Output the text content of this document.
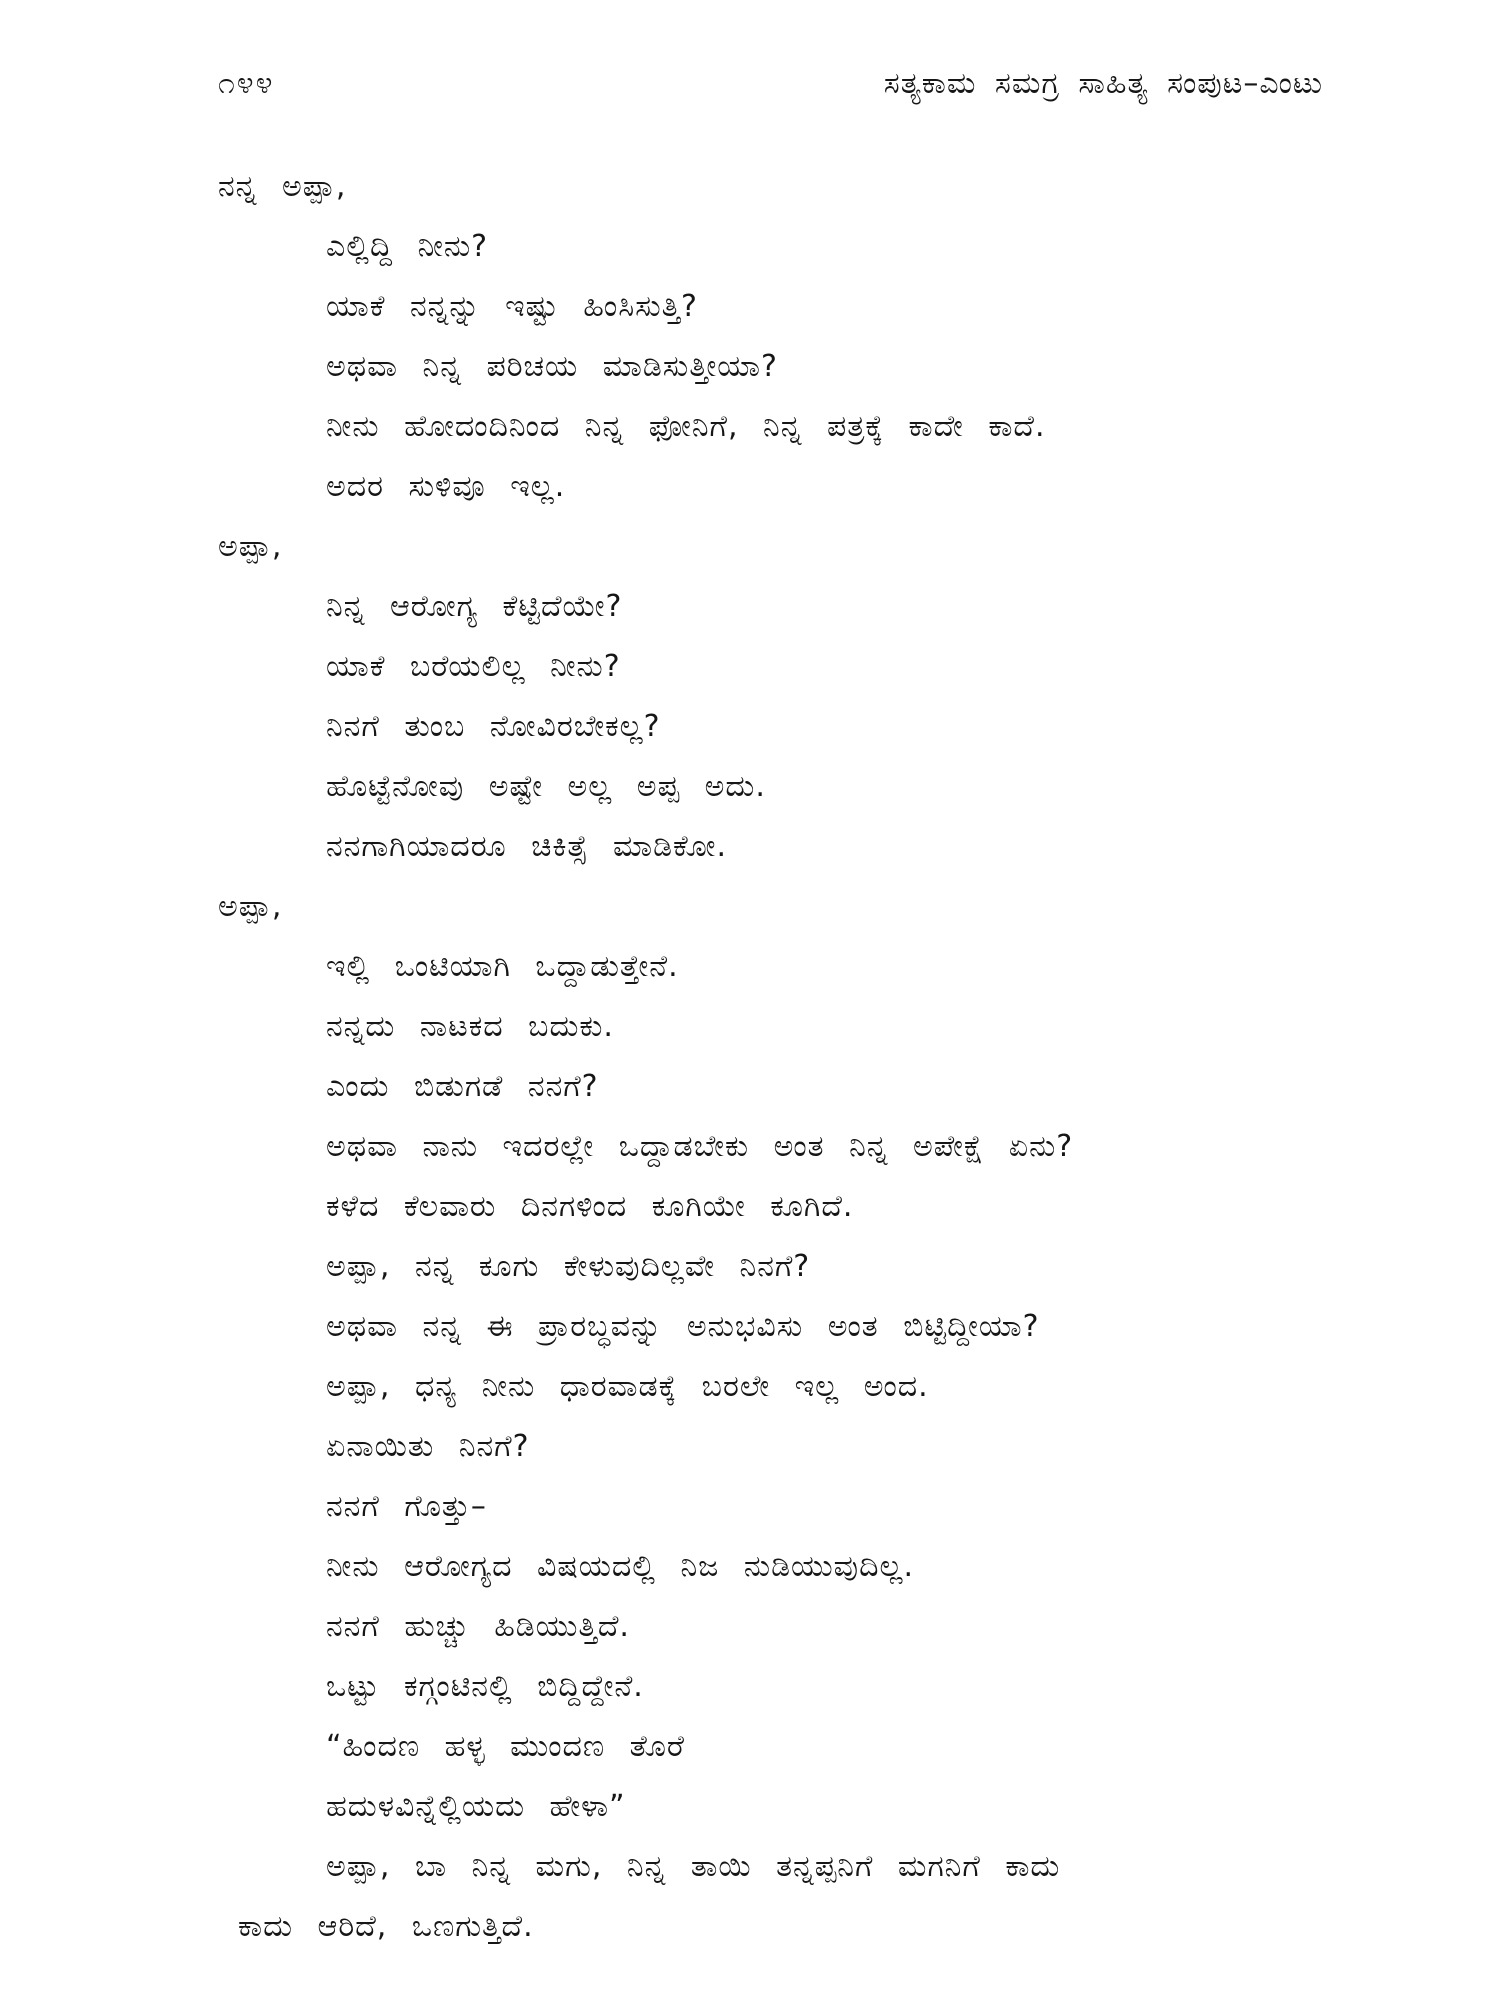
೧೪೪	ಸತ್ಯಕಾಮ ಸಮಗ್ರ ಸಾಹಿತ್ಯ ಸಂಪುಟ–ಎಂಟು
ನನ್ನ ಅಪ್ಪಾ,
ಎಲ್ಲಿದ್ದಿ ನೀನು?
ಯಾಕೆ ನನ್ನನ್ನು ಇಷ್ಟು ಹಿಂಸಿಸುತ್ತಿ?
ಅಥವಾ ನಿನ್ನ ಪರಿಚಯ ಮಾಡಿಸುತ್ತೀಯಾ?
ನೀನು ಹೋದಂದಿನಿಂದ ನಿನ್ನ ಫೋನಿಗೆ, ನಿನ್ನ ಪತ್ರಕ್ಕೆ ಕಾದೇ ಕಾದೆ.
ಅದರ ಸುಳಿವೂ ಇಲ್ಲ.
ಅಪ್ಪಾ,
ನಿನ್ನ ಆರೋಗ್ಯ ಕೆಟ್ಟಿದೆಯೇ?
ಯಾಕೆ ಬರೆಯಲಿಲ್ಲ ನೀನು?
ನಿನಗೆ ತುಂಬ ನೋವಿರಬೇಕಲ್ಲ?
ಹೊಟ್ಟೆನೋವು ಅಷ್ಟೇ ಅಲ್ಲ ಅಪ್ಪ ಅದು.
ನನಗಾಗಿಯಾದರೂ ಚಿಕಿತ್ಸೆ ಮಾಡಿಕೋ.
ಅಪ್ಪಾ,
ಇಲ್ಲಿ ಒಂಟಿಯಾಗಿ ಒದ್ದಾಡುತ್ತೇನೆ.
ನನ್ನದು ನಾಟಕದ ಬದುಕು.
ಎಂದು ಬಿಡುಗಡೆ ನನಗೆ?
ಅಥವಾ ನಾನು ಇದರಲ್ಲೇ ಒದ್ದಾಡಬೇಕು ಅಂತ ನಿನ್ನ ಅಪೇಕ್ಷೆ ಏನು?
ಕಳೆದ ಕೆಲವಾರು ದಿನಗಳಿಂದ ಕೂಗಿಯೇ ಕೂಗಿದೆ.
ಅಪ್ಪಾ, ನನ್ನ ಕೂಗು ಕೇಳುವುದಿಲ್ಲವೇ ನಿನಗೆ?
ಅಥವಾ ನನ್ನ ಈ ಪ್ರಾರಬ್ಧವನ್ನು ಅನುಭವಿಸು ಅಂತ ಬಿಟ್ಟಿದ್ದೀಯಾ?
ಅಪ್ಪಾ, ಧನ್ಯ ನೀನು ಧಾರವಾಡಕ್ಕೆ ಬರಲೇ ಇಲ್ಲ ಅಂದ.
ಏನಾಯಿತು ನಿನಗೆ?
ನನಗೆ ಗೊತ್ತು–
ನೀನು ಆರೋಗ್ಯದ ವಿಷಯದಲ್ಲಿ ನಿಜ ನುಡಿಯುವುದಿಲ್ಲ.
ನನಗೆ ಹುಚ್ಚು ಹಿಡಿಯುತ್ತಿದೆ.
ಒಟ್ಟು ಕಗ್ಗಂಟಿನಲ್ಲಿ ಬಿದ್ದಿದ್ದೇನೆ.
“ಹಿಂದಣ ಹಳ್ಳ ಮುಂದಣ ತೊರೆ
ಹದುಳವಿನ್ನೆಲ್ಲಿಯದು ಹೇಳಾ”
ಅಪ್ಪಾ, ಬಾ ನಿನ್ನ ಮಗು, ನಿನ್ನ ತಾಯಿ ತನ್ನಪ್ಪನಿಗೆ ಮಗನಿಗೆ ಕಾದು
ಕಾದು ಆರಿದೆ, ಒಣಗುತ್ತಿದೆ.
